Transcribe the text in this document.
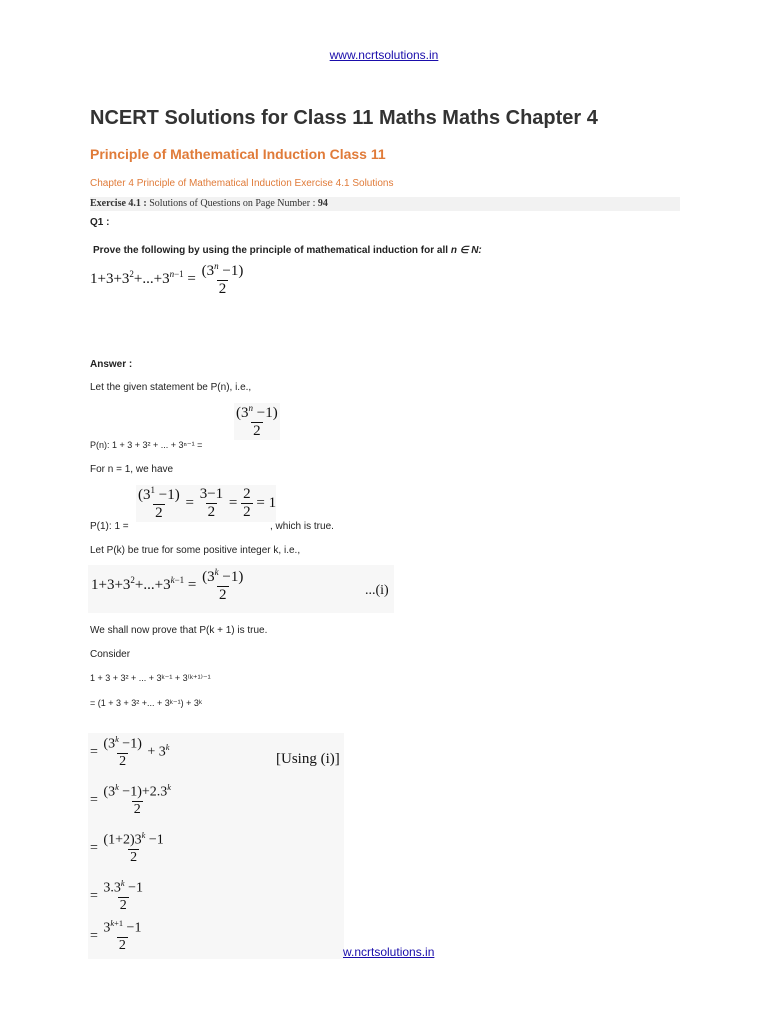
www.ncrtsolutions.in
NCERT Solutions for Class 11 Maths Maths Chapter 4
Principle of Mathematical Induction Class 11
Chapter 4 Principle of Mathematical Induction Exercise 4.1 Solutions
Exercise 4.1 : Solutions of Questions on Page Number : 94
Q1 :
Prove the following by using the principle of mathematical induction for all n ∈ N:
$1+3+3^2+...+3^{n-1} = \frac{(3^n -1)}{2}$
Answer :
Let the given statement be P(n), i.e.,
$\frac{(3^n -1)}{2}$
P(n): 1 + 3 + 3² + ... + 3ⁿ⁻¹ =
For n = 1, we have
$\frac{(3^1 -1)}{2} = \frac{3-1}{2} = \frac{2}{2} = 1$
P(1): 1 =	, which is true.
Let P(k) be true for some positive integer k, i.e.,
$1+3+3^2+...+3^{k-1} = \frac{(3^k -1)}{2}$	...(i)
We shall now prove that P(k + 1) is true.
Consider
1 + 3 + 3² + ... + 3ᵏ⁻¹ + 3⁽ᵏ⁺¹⁾⁻¹
= (1 + 3 + 3² +... + 3ᵏ⁻¹) + 3ᵏ
= $\frac{(3^k -1)}{2} + 3^k$
[Using (i)]
= $\frac{(3^k -1)+2.3^k}{2}$
= $\frac{(1+2)3^k -1}{2}$
= $\frac{3.3^k -1}{2}$
= $\frac{3^{k+1} -1}{2}$	w.ncrtsolutions.in
